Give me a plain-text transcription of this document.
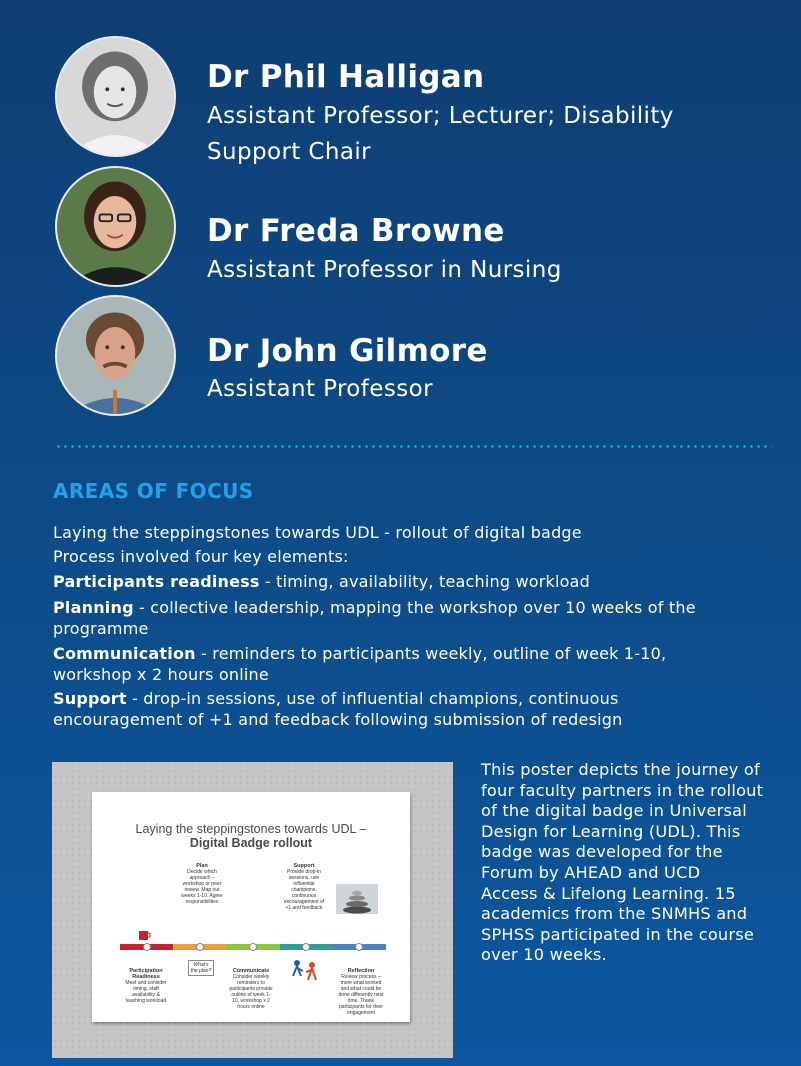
Dr Phil Halligan
Assistant Professor; Lecturer; Disability
Support Chair
Dr Freda Browne
Assistant Professor in Nursing
Dr John Gilmore
Assistant Professor
AREAS OF FOCUS
Laying the steppingstones towards UDL - rollout of digital badge
Process involved four key elements:
Participants readiness - timing, availability, teaching workload
Planning - collective leadership, mapping the workshop over 10 weeks of the
programme
Communication - reminders to participants weekly, outline of week 1-10,
workshop x 2 hours online
Support - drop-in sessions, use of influential champions, continuous
encouragement of +1 and feedback following submission of redesign
Laying the steppingstones towards UDL –
Digital Badge rollout
Plan
Decide which approach – workshop or peer review. Map out weeks 1-10. Agree responsibilities
Support
Provide drop-in sessions, use influential champions, continuous encouragement of +1 and feedback
Participation Readiness
Meet and consider timing, staff availability & teaching workload
What's the plan?	Communicate
Consider weekly reminders to participants provide outline of week 1-10, workshop x 2 hours online
Reflection
Review process – more what worked and what could be done differently next time. Thank participants for their engagement
This poster depicts the journey of
four faculty partners in the rollout
of the digital badge in Universal
Design for Learning (UDL). This
badge was developed for the
Forum by AHEAD and UCD
Access & Lifelong Learning. 15
academics from the SNMHS and
SPHSS participated in the course
over 10 weeks.
